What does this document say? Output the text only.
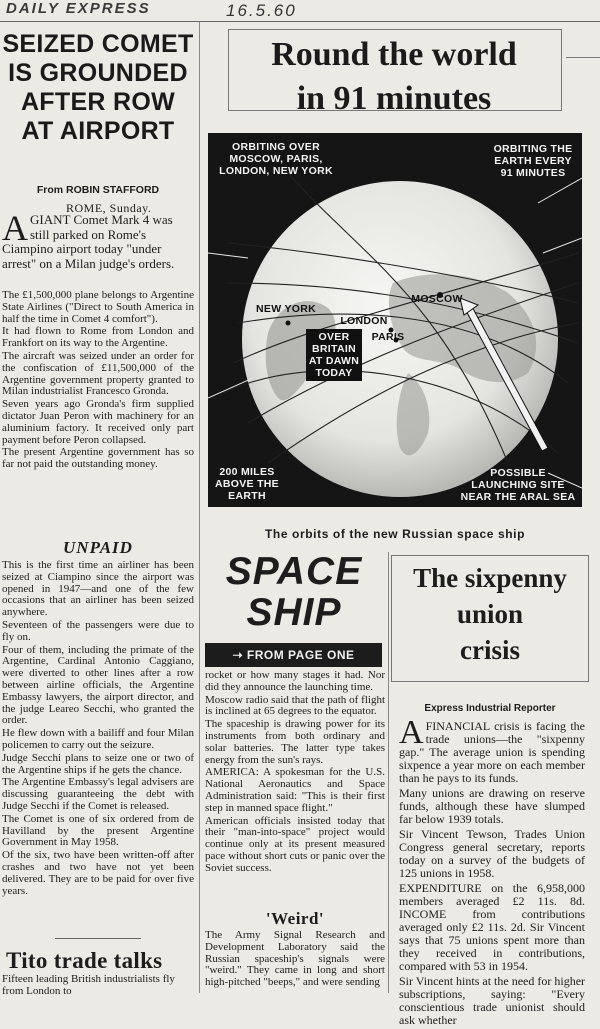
DAILY EXPRESS	16.5.60
SEIZED COMET
IS GROUNDED
AFTER ROW
AT AIRPORT
From ROBIN STAFFORD
ROME, Sunday.
AGIANT Comet Mark 4 was still parked on Rome's Ciampino airport today "under arrest" on a Milan judge's orders.

The £1,500,000 plane belongs to Argentine State Airlines ("Direct to South America in half the time in Comet 4 comfort").

It had flown to Rome from London and Frankfort on its way to the Argentine.

The aircraft was seized under an order for the confiscation of £11,500,000 of the Argentine government property granted to Milan industrialist Francesco Gronda.

Seven years ago Gronda's firm supplied dictator Juan Peron with machinery for an aluminium factory. It received only part payment before Peron collapsed.

The present Argentine government has so far not paid the outstanding money.

UNPAID

This is the first time an airliner has been seized at Ciampino since the airport was opened in 1947—and one of the few occasions that an airliner has been seized anywhere.

Seventeen of the passengers were due to fly on.

Four of them, including the primate of the Argentine, Cardinal Antonio Caggiano, were diverted to other lines after a row between airline officials, the Argentine Embassy lawyers, the airport director, and the judge Leareo Secchi, who granted the order.

He flew down with a bailiff and four Milan policemen to carry out the seizure.

Judge Secchi plans to seize one or two of the Argentine ships if he gets the chance.

The Argentine Embassy's legal advisers are discussing guaranteeing the debt with Judge Secchi if the Comet is released.

The Comet is one of six ordered from de Havilland by the present Argentine Government in May 1958.

Of the six, two have been written-off after crashes and two have not yet been delivered. They are to be paid for over five years.

Tito trade talks
Fifteen leading British industrialists fly from London to
Round the world
in 91 minutes
ORBITING OVER MOSCOW, PARIS, LONDON, NEW YORK
ORBITING THE EARTH EVERY 91 MINUTES
NEW YORK
LONDON
MOSCOW
PARIS
OVER BRITAIN AT DAWN TODAY
200 MILES ABOVE THE EARTH
POSSIBLE LAUNCHING SITE NEAR THE ARAL SEA
The orbits of the new Russian space ship
SPACE
SHIP
➝ FROM PAGE ONE

rocket or how many stages it had. Nor did they announce the launching time.

Moscow radio said that the path of flight is inclined at 65 degrees to the equator.

The spaceship is drawing power for its instruments from both ordinary and solar batteries. The latter type takes energy from the sun's rays.

AMERICA: A spokesman for the U.S. National Aeronautics and Space Administration said: "This is their first step in manned space flight."

American officials insisted today that their "man-into-space" project would continue only at its present measured pace without short cuts or panic over the Soviet success.

'Weird'
The Army Signal Research and Development Laboratory said the Russian spaceship's signals were "weird." They came in long and short high-pitched "beeps," and were sending
The sixpenny
union
crisis
Express Industrial Reporter

AFINANCIAL crisis is facing the trade unions—the "sixpenny gap." The average union is spending sixpence a year more on each member than he pays to its funds.

Many unions are drawing on reserve funds, although these have slumped far below 1939 totals.

Sir Vincent Tewson, Trades Union Congress general secretary, reports today on a survey of the budgets of 125 unions in 1958.

EXPENDITURE on the 6,958,000 members averaged £2 11s. 8d. INCOME from contributions averaged only £2 11s. 2d. Sir Vincent says that 75 unions spent more than they received in contributions, compared with 53 in 1954.

Sir Vincent hints at the need for higher subscriptions, saying: "Every conscientious trade unionist should ask whether
